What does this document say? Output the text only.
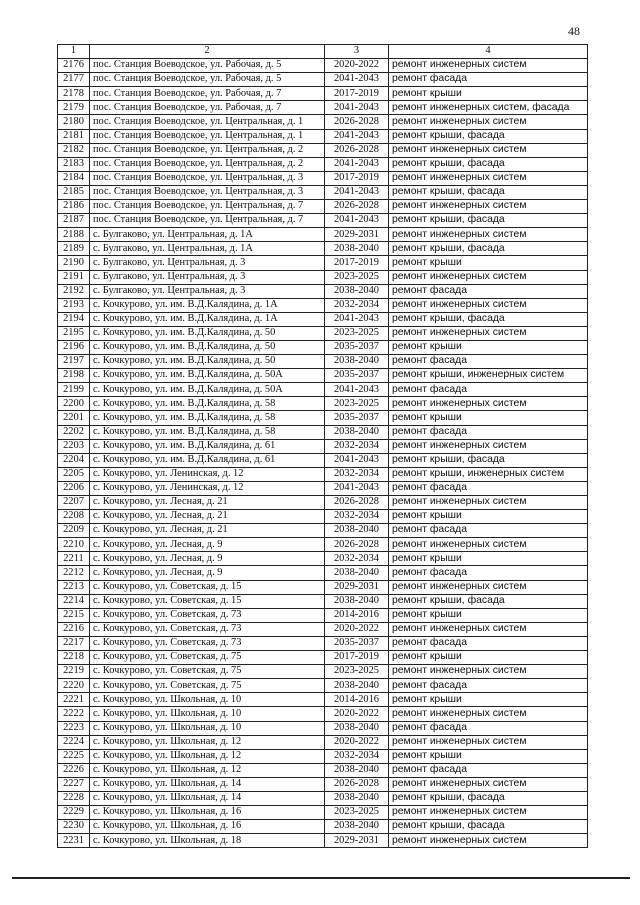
48
1	2	3	4
2176	пос. Станция Воеводское, ул. Рабочая, д. 5	2020-2022	ремонт инженерных систем
2177	пос. Станция Воеводское, ул. Рабочая, д. 5	2041-2043	ремонт фасада
2178	пос. Станция Воеводское, ул. Рабочая, д. 7	2017-2019	ремонт крыши
2179	пос. Станция Воеводское, ул. Рабочая, д. 7	2041-2043	ремонт инженерных систем, фасада
2180	пос. Станция Воеводское, ул. Центральная, д. 1	2026-2028	ремонт инженерных систем
2181	пос. Станция Воеводское, ул. Центральная, д. 1	2041-2043	ремонт крыши, фасада
2182	пос. Станция Воеводское, ул. Центральная, д. 2	2026-2028	ремонт инженерных систем
2183	пос. Станция Воеводское, ул. Центральная, д. 2	2041-2043	ремонт крыши, фасада
2184	пос. Станция Воеводское, ул. Центральная, д. 3	2017-2019	ремонт инженерных систем
2185	пос. Станция Воеводское, ул. Центральная, д. 3	2041-2043	ремонт крыши, фасада
2186	пос. Станция Воеводское, ул. Центральная, д. 7	2026-2028	ремонт инженерных систем
2187	пос. Станция Воеводское, ул. Центральная, д. 7	2041-2043	ремонт крыши, фасада
2188	с. Булгаково, ул. Центральная, д. 1А	2029-2031	ремонт инженерных систем
2189	с. Булгаково, ул. Центральная, д. 1А	2038-2040	ремонт крыши, фасада
2190	с. Булгаково, ул. Центральная, д. 3	2017-2019	ремонт крыши
2191	с. Булгаково, ул. Центральная, д. 3	2023-2025	ремонт инженерных систем
2192	с. Булгаково, ул. Центральная, д. 3	2038-2040	ремонт фасада
2193	с. Кочкурово, ул. им. В.Д.Калядина, д. 1А	2032-2034	ремонт инженерных систем
2194	с. Кочкурово, ул. им. В.Д.Калядина, д. 1А	2041-2043	ремонт крыши, фасада
2195	с. Кочкурово, ул. им. В.Д.Калядина, д. 50	2023-2025	ремонт инженерных систем
2196	с. Кочкурово, ул. им. В.Д.Калядина, д. 50	2035-2037	ремонт крыши
2197	с. Кочкурово, ул. им. В.Д.Калядина, д. 50	2038-2040	ремонт фасада
2198	с. Кочкурово, ул. им. В.Д.Калядина, д. 50А	2035-2037	ремонт крыши, инженерных систем
2199	с. Кочкурово, ул. им. В.Д.Калядина, д. 50А	2041-2043	ремонт фасада
2200	с. Кочкурово, ул. им. В.Д.Калядина, д. 58	2023-2025	ремонт инженерных систем
2201	с. Кочкурово, ул. им. В.Д.Калядина, д. 58	2035-2037	ремонт крыши
2202	с. Кочкурово, ул. им. В.Д.Калядина, д. 58	2038-2040	ремонт фасада
2203	с. Кочкурово, ул. им. В.Д.Калядина, д. 61	2032-2034	ремонт инженерных систем
2204	с. Кочкурово, ул. им. В.Д.Калядина, д. 61	2041-2043	ремонт крыши, фасада
2205	с. Кочкурово, ул. Ленинская, д. 12	2032-2034	ремонт крыши, инженерных систем
2206	с. Кочкурово, ул. Ленинская, д. 12	2041-2043	ремонт фасада
2207	с. Кочкурово, ул. Лесная, д. 21	2026-2028	ремонт инженерных систем
2208	с. Кочкурово, ул. Лесная, д. 21	2032-2034	ремонт крыши
2209	с. Кочкурово, ул. Лесная, д. 21	2038-2040	ремонт фасада
2210	с. Кочкурово, ул. Лесная, д. 9	2026-2028	ремонт инженерных систем
2211	с. Кочкурово, ул. Лесная, д. 9	2032-2034	ремонт крыши
2212	с. Кочкурово, ул. Лесная, д. 9	2038-2040	ремонт фасада
2213	с. Кочкурово, ул. Советская, д. 15	2029-2031	ремонт инженерных систем
2214	с. Кочкурово, ул. Советская, д. 15	2038-2040	ремонт крыши, фасада
2215	с. Кочкурово, ул. Советская, д. 73	2014-2016	ремонт крыши
2216	с. Кочкурово, ул. Советская, д. 73	2020-2022	ремонт инженерных систем
2217	с. Кочкурово, ул. Советская, д. 73	2035-2037	ремонт фасада
2218	с. Кочкурово, ул. Советская, д. 75	2017-2019	ремонт крыши
2219	с. Кочкурово, ул. Советская, д. 75	2023-2025	ремонт инженерных систем
2220	с. Кочкурово, ул. Советская, д. 75	2038-2040	ремонт фасада
2221	с. Кочкурово, ул. Школьная, д. 10	2014-2016	ремонт крыши
2222	с. Кочкурово, ул. Школьная, д. 10	2020-2022	ремонт инженерных систем
2223	с. Кочкурово, ул. Школьная, д. 10	2038-2040	ремонт фасада
2224	с. Кочкурово, ул. Школьная, д. 12	2020-2022	ремонт инженерных систем
2225	с. Кочкурово, ул. Школьная, д. 12	2032-2034	ремонт крыши
2226	с. Кочкурово, ул. Школьная, д. 12	2038-2040	ремонт фасада
2227	с. Кочкурово, ул. Школьная, д. 14	2026-2028	ремонт инженерных систем
2228	с. Кочкурово, ул. Школьная, д. 14	2038-2040	ремонт крыши, фасада
2229	с. Кочкурово, ул. Школьная, д. 16	2023-2025	ремонт инженерных систем
2230	с. Кочкурово, ул. Школьная, д. 16	2038-2040	ремонт крыши, фасада
2231	с. Кочкурово, ул. Школьная, д. 18	2029-2031	ремонт инженерных систем
